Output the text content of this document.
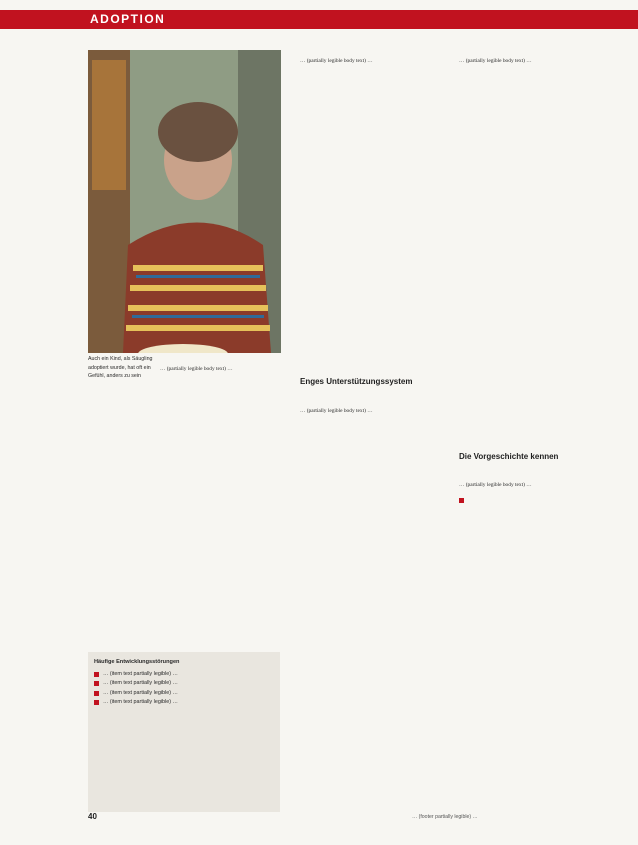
ADOPTION
Auch ein Kind, als Säugling adoptiert wurde, hat oft ein Gefühl, anders zu sein

… (partially legible body text) …

… (partially legible body text) …

Enges Unterstützungssystem

… (partially legible body text) …

… (partially legible body text) …

Die Vorgeschichte kennen

… (partially legible body text) …

Häufige Entwicklungsstörungen
… (item text partially legible) …
… (item text partially legible) …
… (item text partially legible) …
… (item text partially legible) …
40	… (footer partially legible) …
